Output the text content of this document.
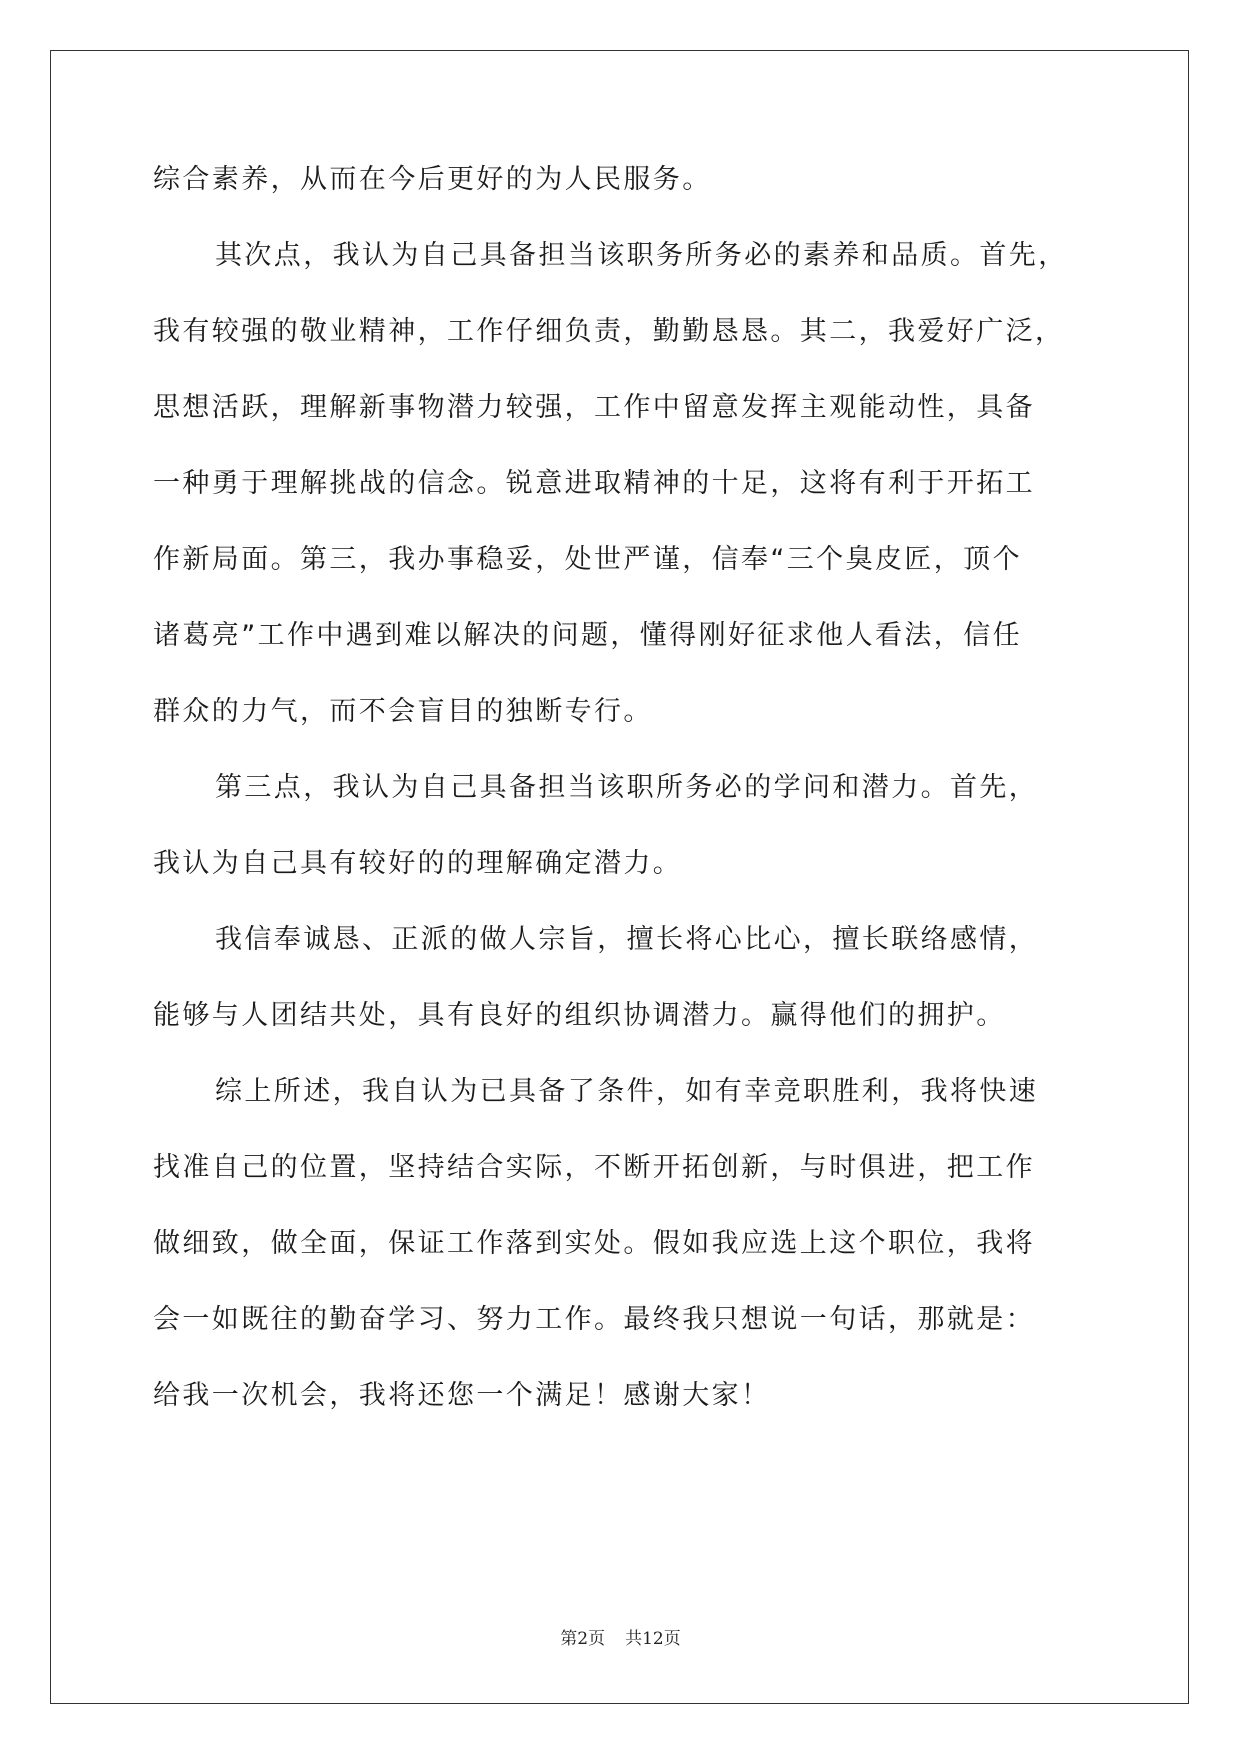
综合素养，从而在今后更好的为人民服务。
其次点，我认为自己具备担当该职务所务必的素养和品质。首先，
我有较强的敬业精神，工作仔细负责，勤勤恳恳。其二，我爱好广泛，
思想活跃，理解新事物潜力较强，工作中留意发挥主观能动性，具备
一种勇于理解挑战的信念。锐意进取精神的十足，这将有利于开拓工
作新局面。第三，我办事稳妥，处世严谨，信奉“三个臭皮匠，顶个
诸葛亮”工作中遇到难以解决的问题，懂得刚好征求他人看法，信任
群众的力气，而不会盲目的独断专行。
第三点，我认为自己具备担当该职所务必的学问和潜力。首先，
我认为自己具有较好的的理解确定潜力。
我信奉诚恳、正派的做人宗旨，擅长将心比心，擅长联络感情，
能够与人团结共处，具有良好的组织协调潜力。赢得他们的拥护。
综上所述，我自认为已具备了条件，如有幸竞职胜利，我将快速
找准自己的位置，坚持结合实际，不断开拓创新，与时俱进，把工作
做细致，做全面，保证工作落到实处。假如我应选上这个职位，我将
会一如既往的勤奋学习、努力工作。最终我只想说一句话，那就是：
给我一次机会，我将还您一个满足！感谢大家！
第2页 共12页
